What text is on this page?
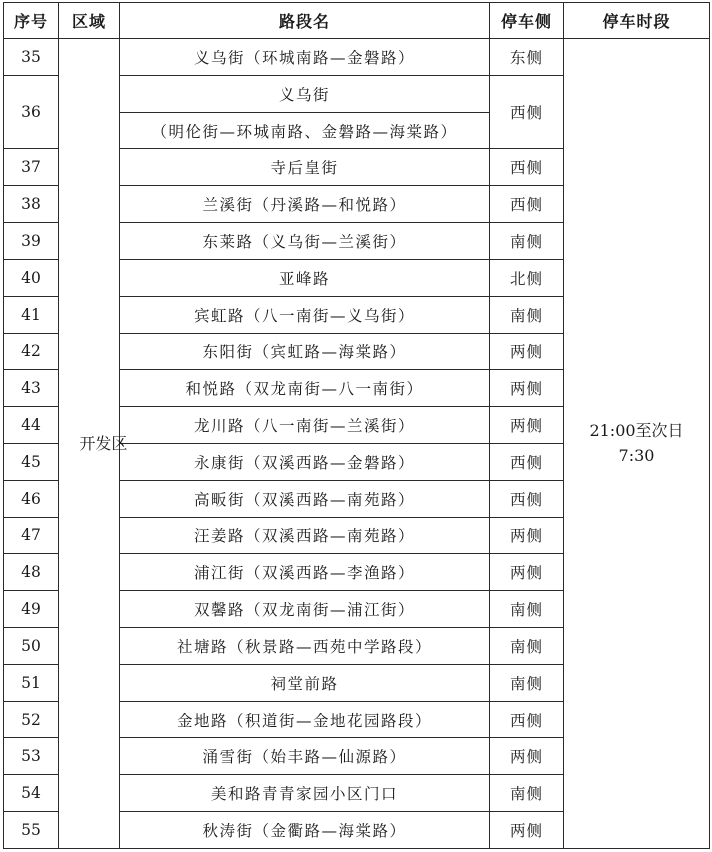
序号	区域	路段名	停车侧	停车时段
35	开发区	义乌街（环城南路—金磐路）	东侧	21:00至次日
7:30

36		义乌街	西侧	
		（明伦街—环城南路、金磐路—海棠路）		
37		寺后皇街	西侧	
38		兰溪街（丹溪路—和悦路）	西侧	
39		东莱路（义乌街—兰溪街）	南侧	
40		亚峰路	北侧	
41		宾虹路（八一南街—义乌街）	南侧	
42		东阳街（宾虹路—海棠路）	两侧	
43		和悦路（双龙南街—八一南街）	两侧	
44		龙川路（八一南街—兰溪街）	两侧	
45		永康街（双溪西路—金磐路）	西侧	
46		高畈街（双溪西路—南苑路）	西侧	
47		汪姜路（双溪西路—南苑路）	两侧	
48		浦江街（双溪西路—李渔路）	两侧	
49		双馨路（双龙南街—浦江街）	南侧	
50		社塘路（秋景路—西苑中学路段）	南侧	
51		祠堂前路	南侧	
52		金地路（积道街—金地花园路段）	西侧	
53		涌雪街（始丰路—仙源路）	两侧	
54		美和路青青家园小区门口	南侧	
55		秋涛街（金衢路—海棠路）	两侧	
